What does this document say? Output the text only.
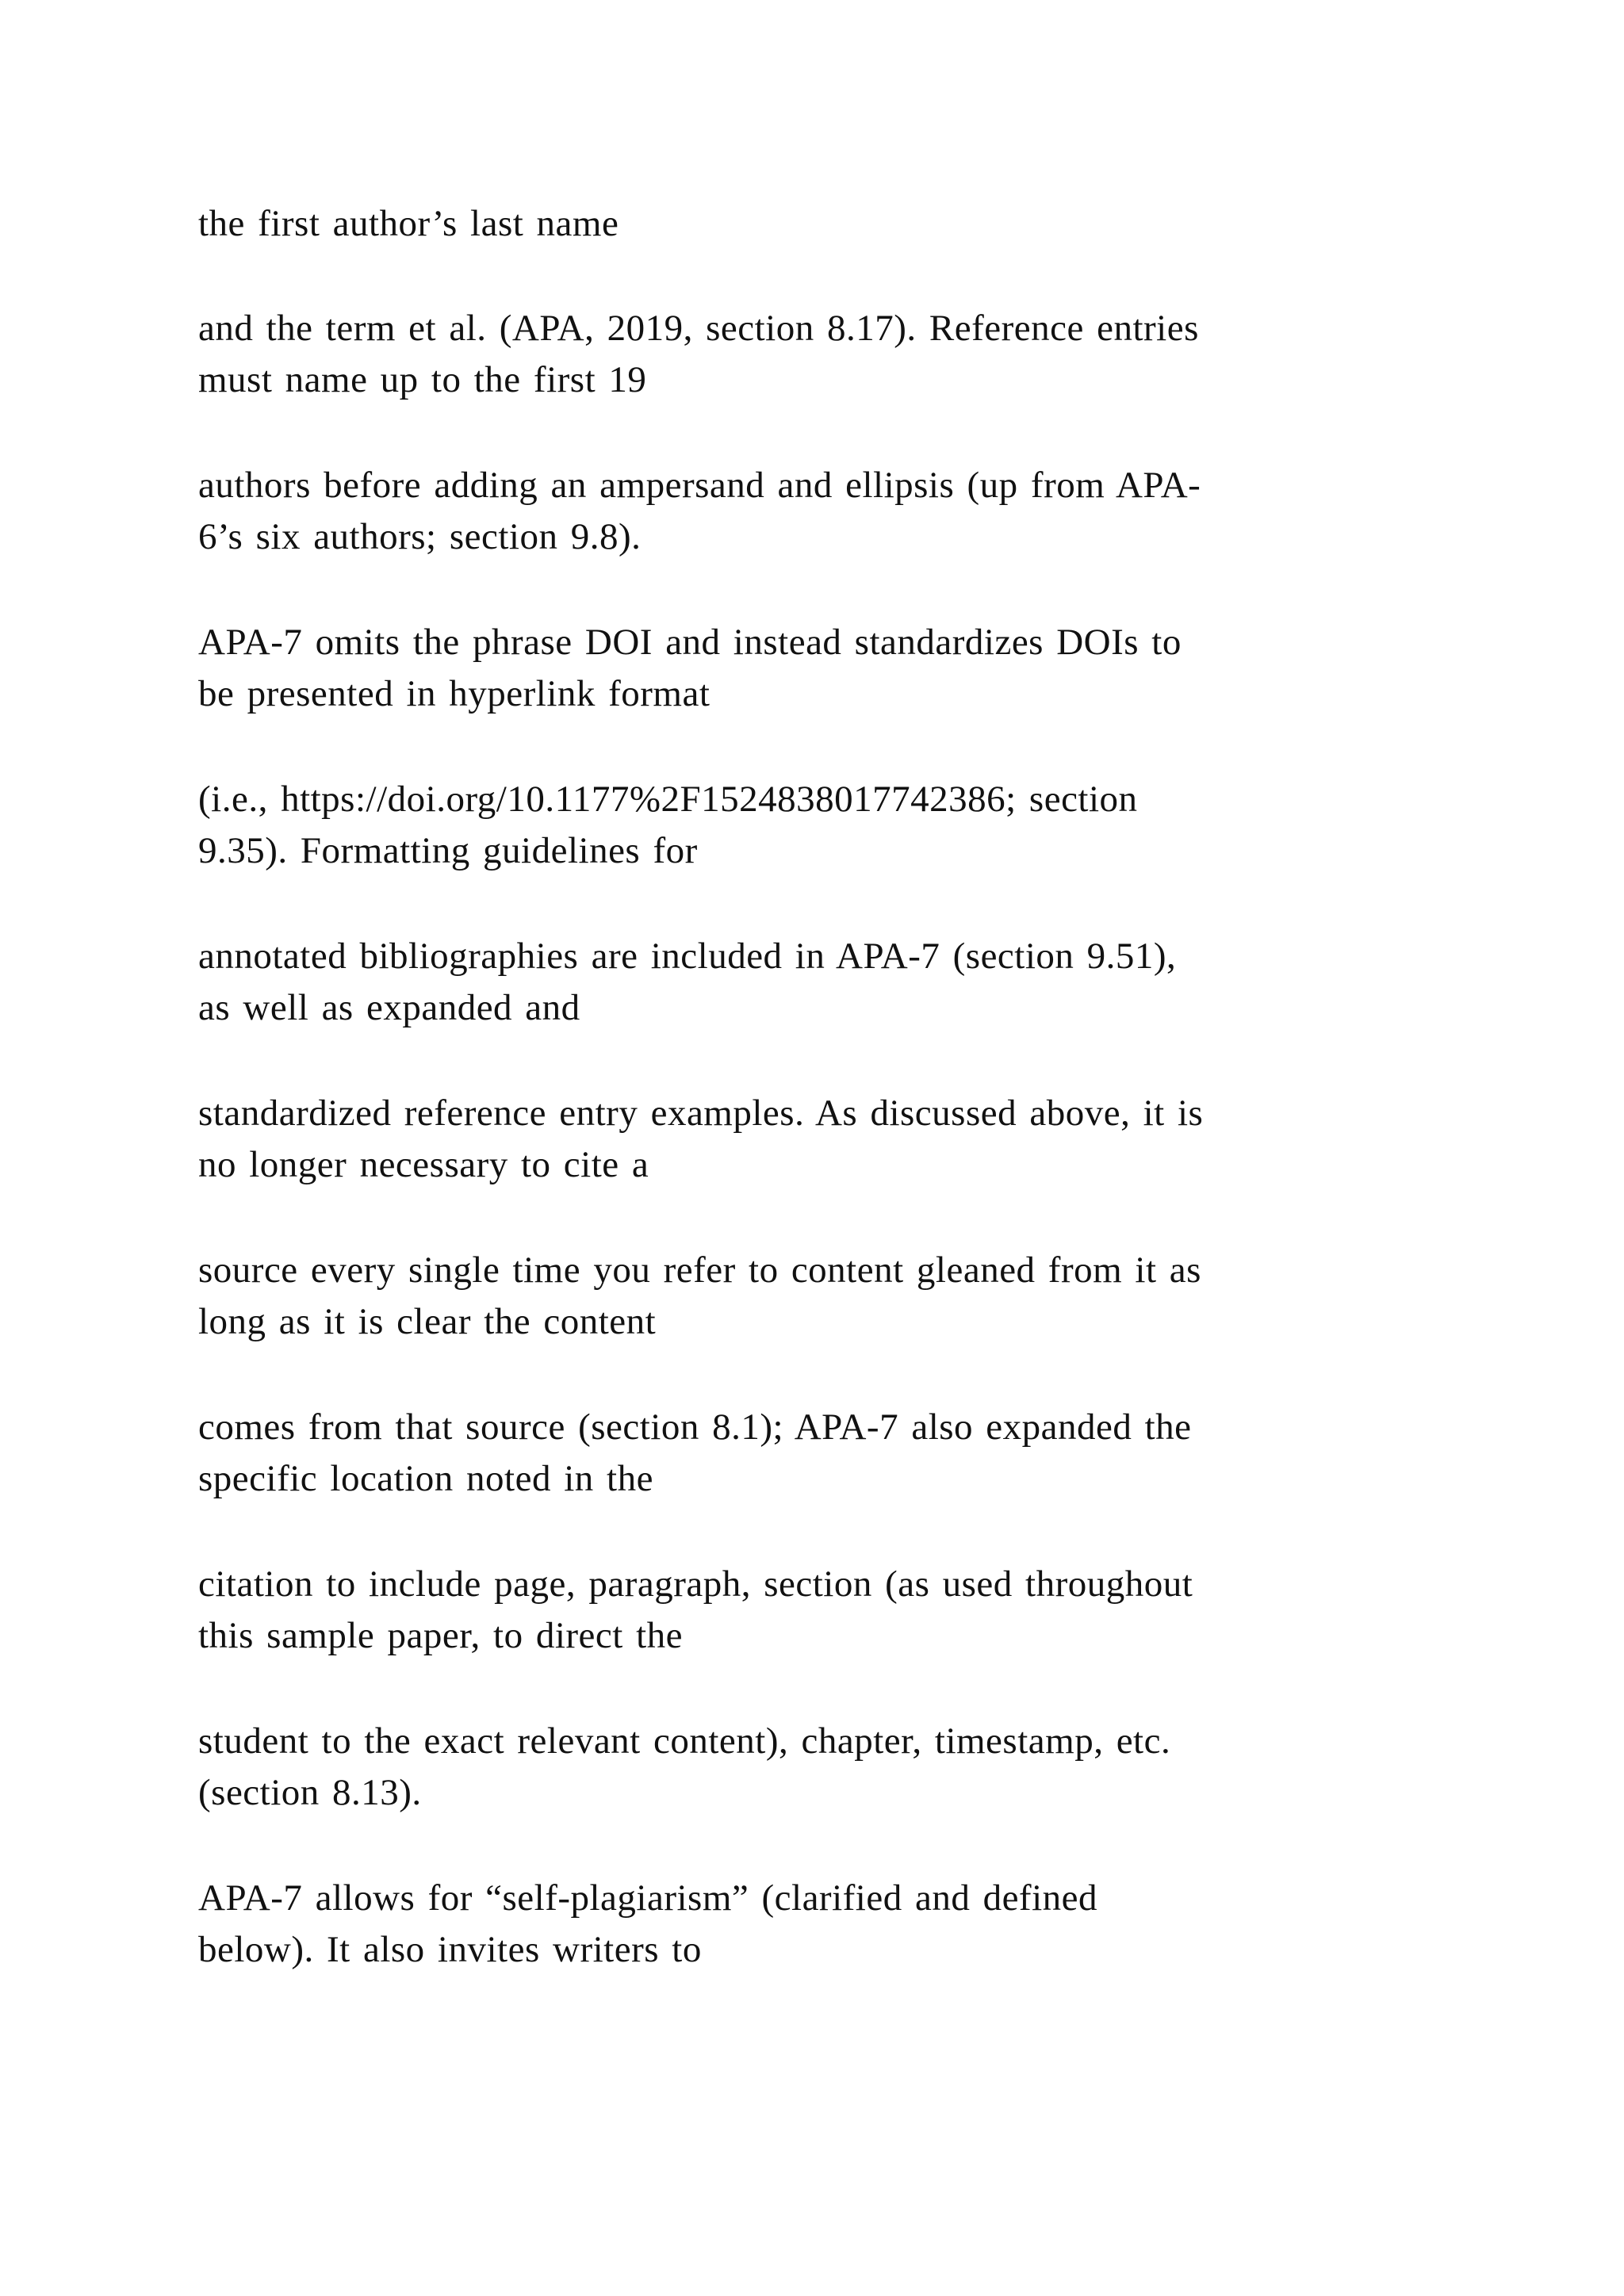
the first author’s last name

and the term et al. (APA, 2019, section 8.17). Reference entries
must name up to the first 19

authors before adding an ampersand and ellipsis (up from APA-
6’s six authors; section 9.8).

APA-7 omits the phrase DOI and instead standardizes DOIs to
be presented in hyperlink format

(i.e., https://doi.org/10.1177%2F1524838017742386; section
9.35). Formatting guidelines for

annotated bibliographies are included in APA-7 (section 9.51),
as well as expanded and

standardized reference entry examples. As discussed above, it is
no longer necessary to cite a

source every single time you refer to content gleaned from it as
long as it is clear the content

comes from that source (section 8.1); APA-7 also expanded the
specific location noted in the

citation to include page, paragraph, section (as used throughout
this sample paper, to direct the

student to the exact relevant content), chapter, timestamp, etc.
(section 8.13).

APA-7 allows for “self-plagiarism” (clarified and defined
below). It also invites writers to
